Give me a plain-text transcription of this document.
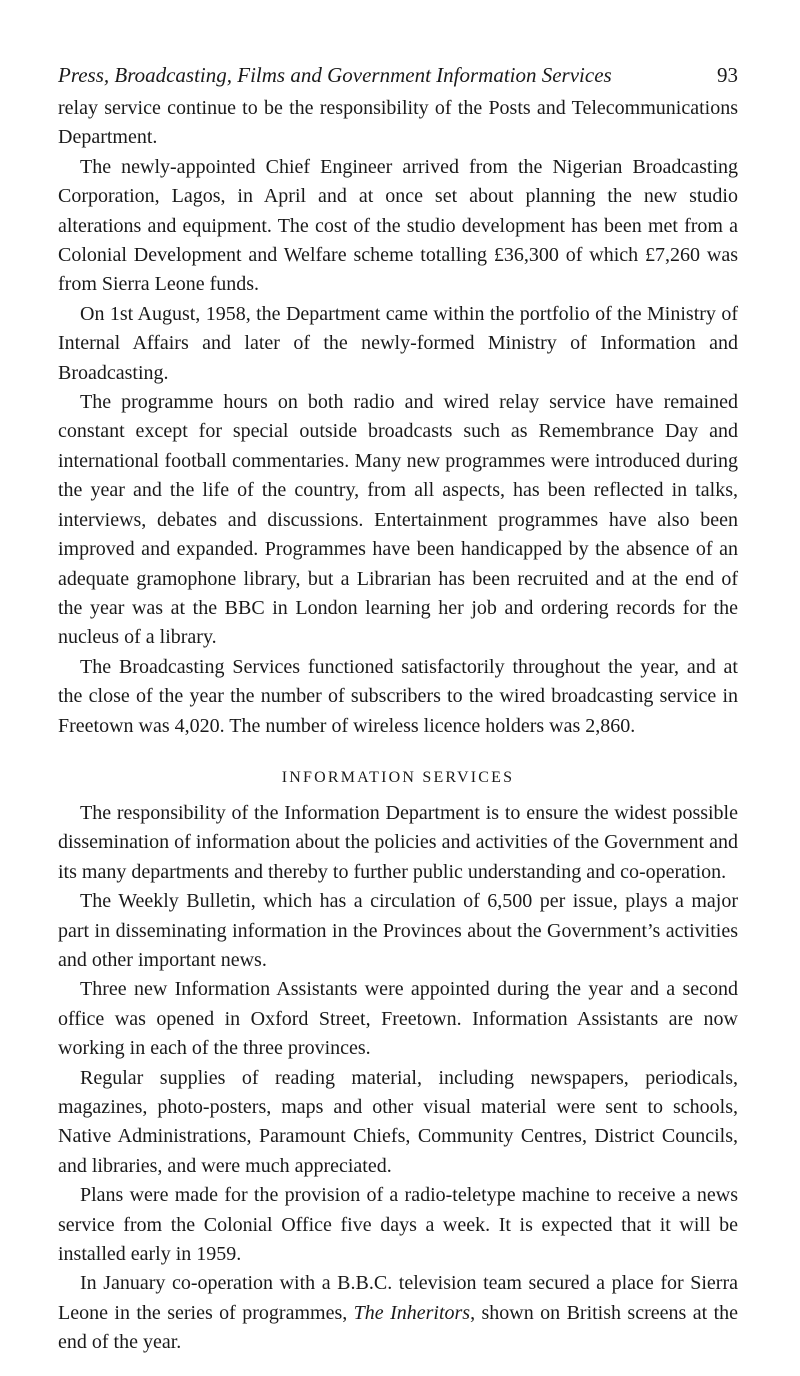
Press, Broadcasting, Films and Government Information Services	93

relay service continue to be the responsibility of the Posts and Telecommunications Department.

The newly-appointed Chief Engineer arrived from the Nigerian Broadcasting Corporation, Lagos, in April and at once set about planning the new studio alterations and equipment. The cost of the studio development has been met from a Colonial Development and Welfare scheme totalling £36,300 of which £7,260 was from Sierra Leone funds.

On 1st August, 1958, the Department came within the portfolio of the Ministry of Internal Affairs and later of the newly-formed Ministry of Information and Broadcasting.

The programme hours on both radio and wired relay service have remained constant except for special outside broadcasts such as Remembrance Day and international football commentaries. Many new programmes were introduced during the year and the life of the country, from all aspects, has been reflected in talks, interviews, debates and discussions. Entertainment programmes have also been improved and expanded. Programmes have been handicapped by the absence of an adequate gramophone library, but a Librarian has been recruited and at the end of the year was at the BBC in London learning her job and ordering records for the nucleus of a library.

The Broadcasting Services functioned satisfactorily throughout the year, and at the close of the year the number of subscribers to the wired broadcasting service in Freetown was 4,020. The number of wireless licence holders was 2,860.

INFORMATION SERVICES

The responsibility of the Information Department is to ensure the widest possible dissemination of information about the policies and activities of the Government and its many departments and thereby to further public understanding and co-operation.

The Weekly Bulletin, which has a circulation of 6,500 per issue, plays a major part in disseminating information in the Provinces about the Government’s activities and other important news.

Three new Information Assistants were appointed during the year and a second office was opened in Oxford Street, Freetown. Information Assistants are now working in each of the three provinces.

Regular supplies of reading material, including newspapers, periodicals, magazines, photo-posters, maps and other visual material were sent to schools, Native Administrations, Paramount Chiefs, Community Centres, District Councils, and libraries, and were much appreciated.

Plans were made for the provision of a radio-teletype machine to receive a news service from the Colonial Office five days a week. It is expected that it will be installed early in 1959.

In January co-operation with a B.B.C. television team secured a place for Sierra Leone in the series of programmes, The Inheritors, shown on British screens at the end of the year.
